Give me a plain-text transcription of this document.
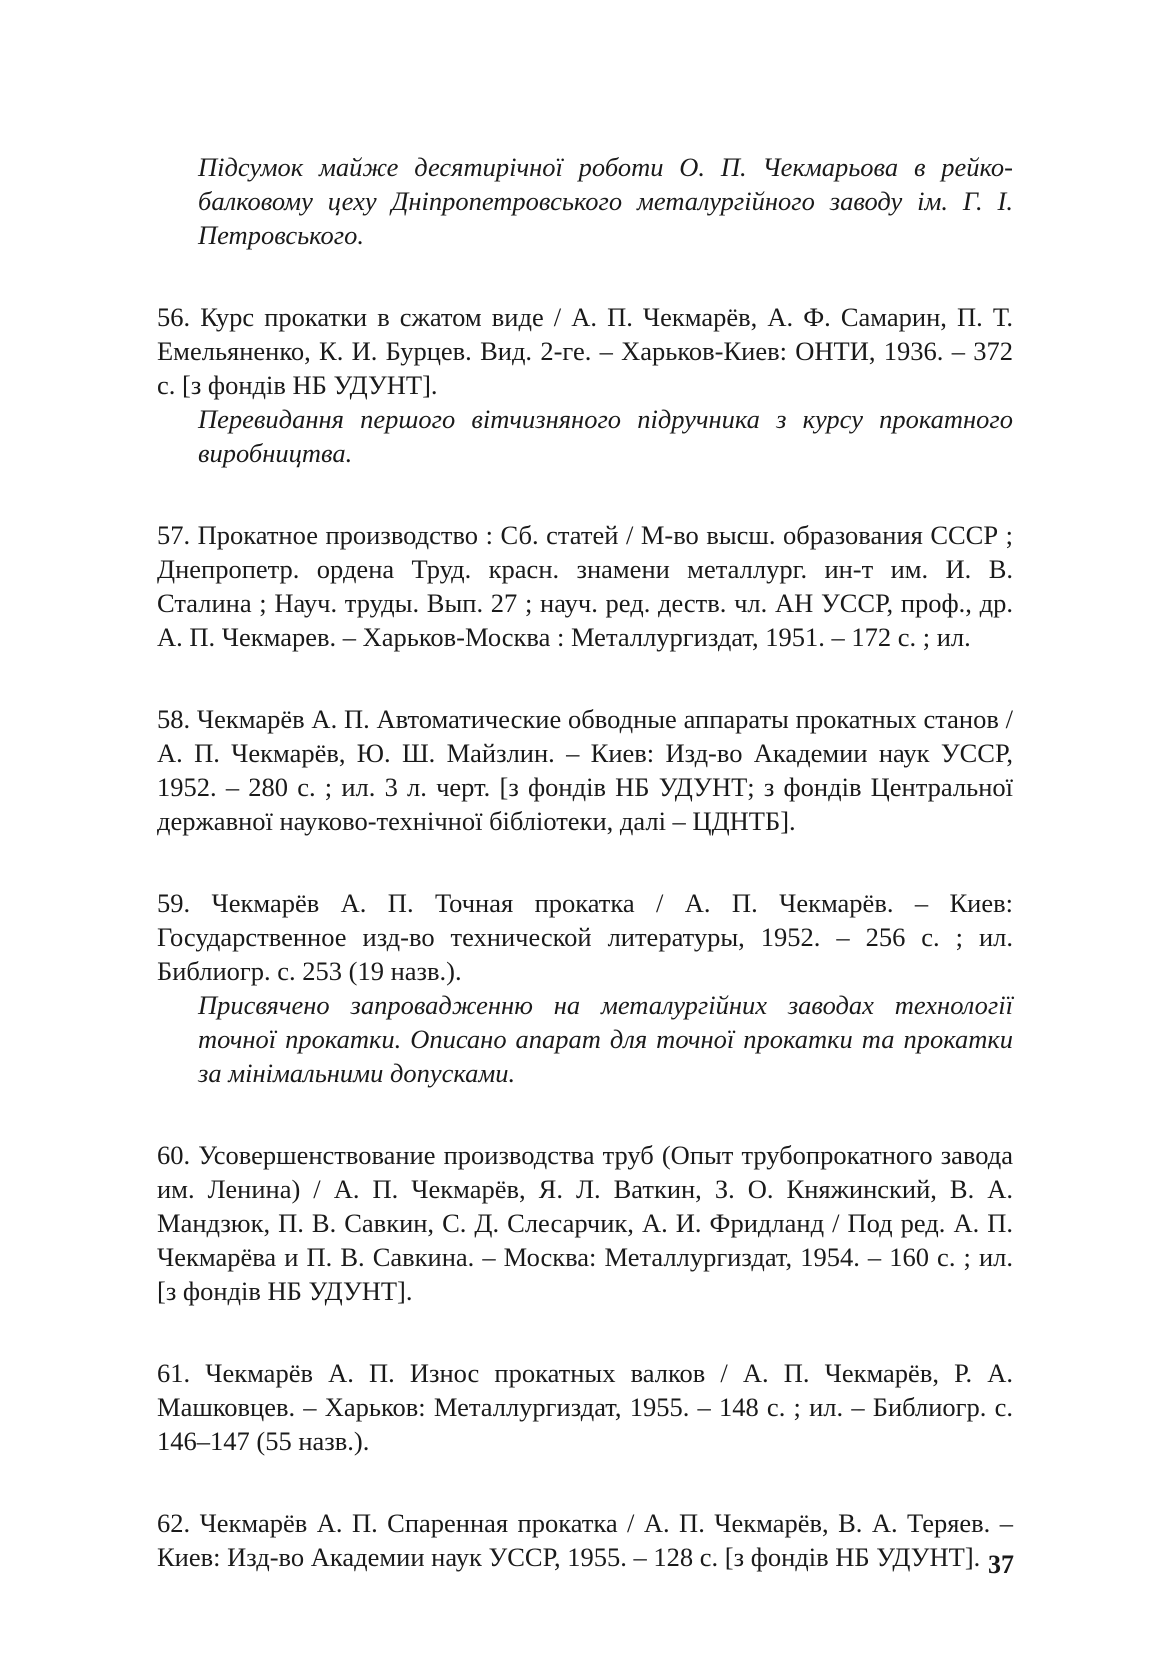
Підсумок майже десятирічної роботи О. П. Чекмарьова в рейко-балковому цеху Дніпропетровського металургійного заводу ім. Г. І. Петровського.

56. Курс прокатки в сжатом виде / А. П. Чекмарёв, А. Ф. Самарин, П. Т. Емельяненко, К. И. Бурцев. Вид. 2-ге. – Харьков-Киев: ОНТИ, 1936. – 372 с. [з фондів НБ УДУНТ].

Перевидання першого вітчизняного підручника з курсу прокатного виробництва.

57. Прокатное производство : Сб. статей / М-во высш. образования СССР ; Днепропетр. ордена Труд. красн. знамени металлург. ин-т им. И. В. Сталина ; Науч. труды. Вып. 27 ; науч. ред. деств. чл. АН УССР, проф., др. А. П. Чекмарев. – Харьков-Москва : Металлургиздат, 1951. – 172 с. ; ил.

58. Чекмарёв А. П. Автоматические обводные аппараты прокатных станов / А. П. Чекмарёв, Ю. Ш. Майзлин. – Киев: Изд-во Академии наук УССР, 1952. – 280 с. ; ил. 3 л. черт. [з фондів НБ УДУНТ; з фондів Центральної державної науково-технічної бібліотеки, далі – ЦДНТБ].

59. Чекмарёв А. П. Точная прокатка / А. П. Чекмарёв. – Киев: Государственное изд-во технической литературы, 1952. – 256 с. ; ил. Библиогр. с. 253 (19 назв.).

Присвячено запровадженню на металургійних заводах технології точної прокатки. Описано апарат для точної прокатки та прокатки за мінімальними допусками.

60. Усовершенствование производства труб (Опыт трубопрокатного завода им. Ленина) / А. П. Чекмарёв, Я. Л. Ваткин, З. О. Княжинский, В. А. Мандзюк, П. В. Савкин, С. Д. Слесарчик, А. И. Фридланд / Под ред. А. П. Чекмарёва и П. В. Савкина. – Москва: Металлургиздат, 1954. – 160 с. ; ил. [з фондів НБ УДУНТ].

61. Чекмарёв А. П. Износ прокатных валков / А. П. Чекмарёв, Р. А. Машковцев. – Харьков: Металлургиздат, 1955. – 148 с. ; ил. – Библиогр. с. 146–147 (55 назв.).

62. Чекмарёв А. П. Спаренная прокатка / А. П. Чекмарёв, В. А. Теряев. – Киев: Изд-во Академии наук УССР, 1955. – 128 с. [з фондів НБ УДУНТ]. 37
